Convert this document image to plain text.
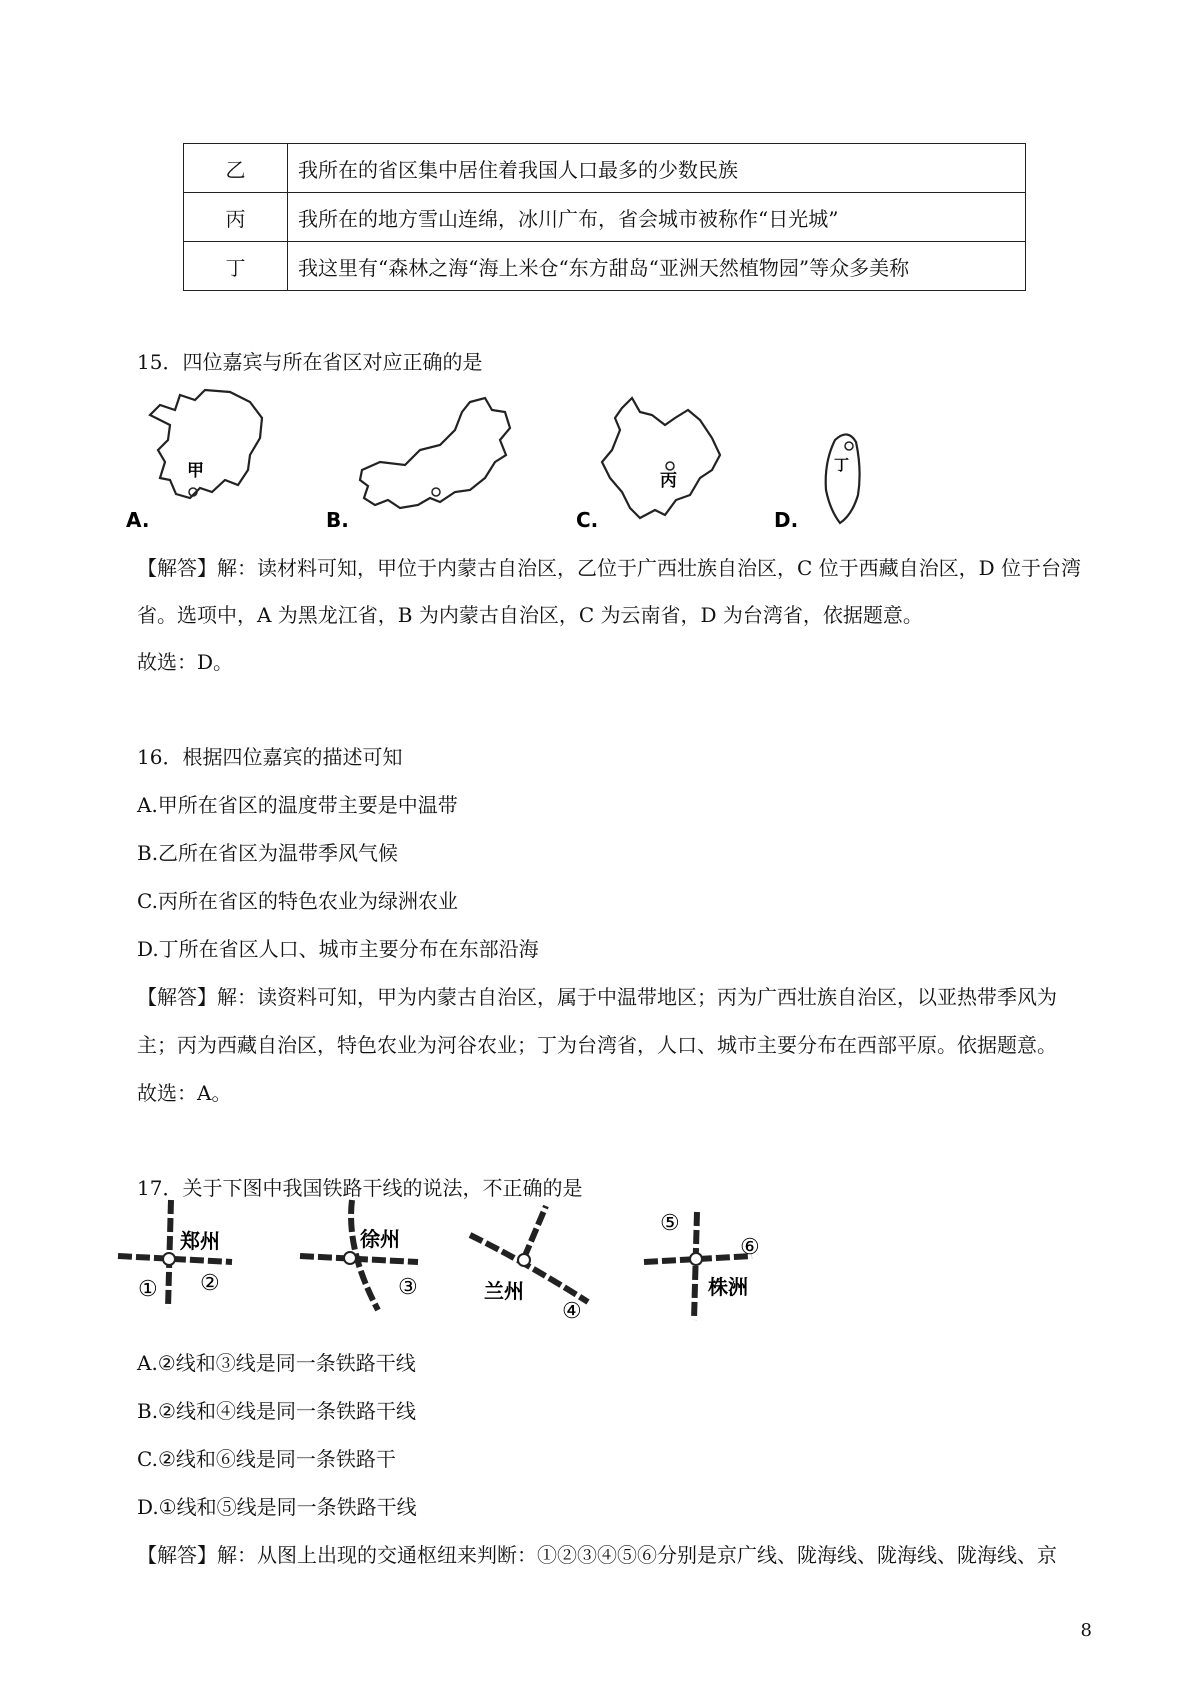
乙	我所在的省区集中居住着我国人口最多的少数民族
丙	我所在的地方雪山连绵，冰川广布，省会城市被称作“日光城”
丁	我这里有“森林之海“海上米仓“东方甜岛“亚洲天然植物园”等众多美称
15．四位嘉宾与所在省区对应正确的是
甲
A.	B.
丙
C.
丁
D.
郑州
① ②
徐州
③	兰州
④
⑤
⑥
株洲
【解答】解：读材料可知，甲位于内蒙古自治区，乙位于广西壮族自治区，C 位于西藏自治区，D 位于台湾
省。选项中，A 为黑龙江省，B 为内蒙古自治区，C 为云南省，D 为台湾省，依据题意。
故选：D。
16．根据四位嘉宾的描述可知
A.甲所在省区的温度带主要是中温带
B.乙所在省区为温带季风气候
C.丙所在省区的特色农业为绿洲农业
D.丁所在省区人口、城市主要分布在东部沿海
【解答】解：读资料可知，甲为内蒙古自治区，属于中温带地区；丙为广西壮族自治区，以亚热带季风为
主；丙为西藏自治区，特色农业为河谷农业；丁为台湾省，人口、城市主要分布在西部平原。依据题意。
故选：A。
17．关于下图中我国铁路干线的说法，不正确的是
A.②线和③线是同一条铁路干线
B.②线和④线是同一条铁路干线
C.②线和⑥线是同一条铁路干
D.①线和⑤线是同一条铁路干线
【解答】解：从图上出现的交通枢纽来判断：①②③④⑤⑥分别是京广线、陇海线、陇海线、陇海线、京
8
